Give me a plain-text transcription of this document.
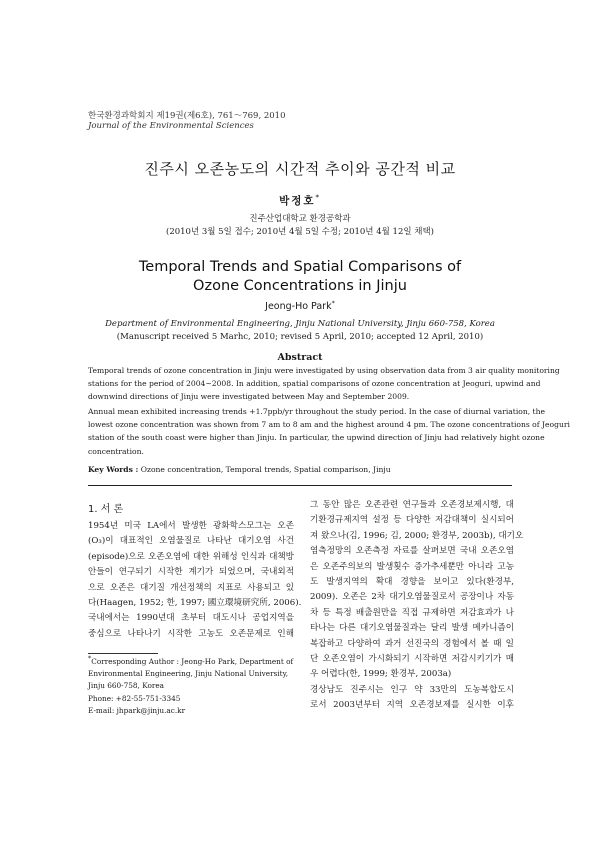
한국환경과학회지 제19권(제6호), 761～769, 2010
Journal of the Environmental Sciences
진주시 오존농도의 시간적 추이와 공간적 비교
박정호*
진주산업대학교 환경공학과
(2010년 3월 5일 접수; 2010년 4월 5일 수정; 2010년 4월 12일 채택)
Temporal Trends and Spatial Comparisons of
Ozone Concentrations in Jinju
Jeong-Ho Park*
Department of Environmental Engineering, Jinju National University, Jinju 660-758, Korea
(Manuscript received 5 Marhc, 2010; revised 5 April, 2010; accepted 12 April, 2010)
Abstract
Temporal trends of ozone concentration in Jinju were investigated by using observation data from 3 air quality monitoring
stations for the period of 2004~2008. In addition, spatial comparisons of ozone concentration at Jeoguri, upwind and
downwind directions of Jinju were investigated between May and September 2009.
Annual mean exhibited increasing trends +1.7ppb/yr throughout the study period. In the case of diurnal variation, the
lowest ozone concentration was shown from 7 am to 8 am and the highest around 4 pm. The ozone concentrations of Jeoguri
station of the south coast were higher than Jinju. In particular, the upwind direction of Jinju had relatively hight ozone
concentration.
Key Words : Ozone concentration, Temporal trends, Spatial comparison, Jinju
1. 서 론
1954년 미국 LA에서 발생한 광화학스모그는 오존
(O₃)이 대표적인 오염물질로 나타난 대기오염 사건
(episode)으로 오존오염에 대한 위해성 인식과 대책방
안들이 연구되기 시작한 계기가 되었으며, 국내외적
으로 오존은 대기질 개선정책의 지표로 사용되고 있
다(Haagen, 1952; 한, 1997; 國立環境研究所, 2006).
국내에서는 1990년대 초부터 대도시나 공업지역을
중심으로 나타나기 시작한 고농도 오존문제로 인해
그 동안 많은 오존관련 연구들과 오존경보제시행, 대
기환경규제지역 설정 등 다양한 저감대책이 실시되어
져 왔으나(김, 1996; 김, 2000; 환경부, 2003b), 대기오
염측정망의 오존측정 자료를 살펴보면 국내 오존오염
은 오존주의보의 발생횟수 증가추세뿐만 아니라 고농
도 발생지역의 확대 경향을 보이고 있다(환경부,
2009). 오존은 2차 대기오염물질로서 공장이나 자동
차 등 특정 배출원만을 직접 규제하면 저감효과가 나
타나는 다른 대기오염물질과는 달리 발생 메카니즘이
복잡하고 다양하여 과거 선진국의 경험에서 볼 때 일
단 오존오염이 가시화되기 시작하면 저감시키기가 매
우 어렵다(한, 1999; 환경부, 2003a)
경상남도 진주시는 인구 약 33만의 도농복합도시
로서 2003년부터 지역 오존경보제를 실시한 이후
*Corresponding Author : Jeong-Ho Park, Department of
Environmental Engineering, Jinju National University,
Jinju 660-758, Korea
Phone: +82-55-751-3345
E-mail: jhpark@jinju.ac.kr
